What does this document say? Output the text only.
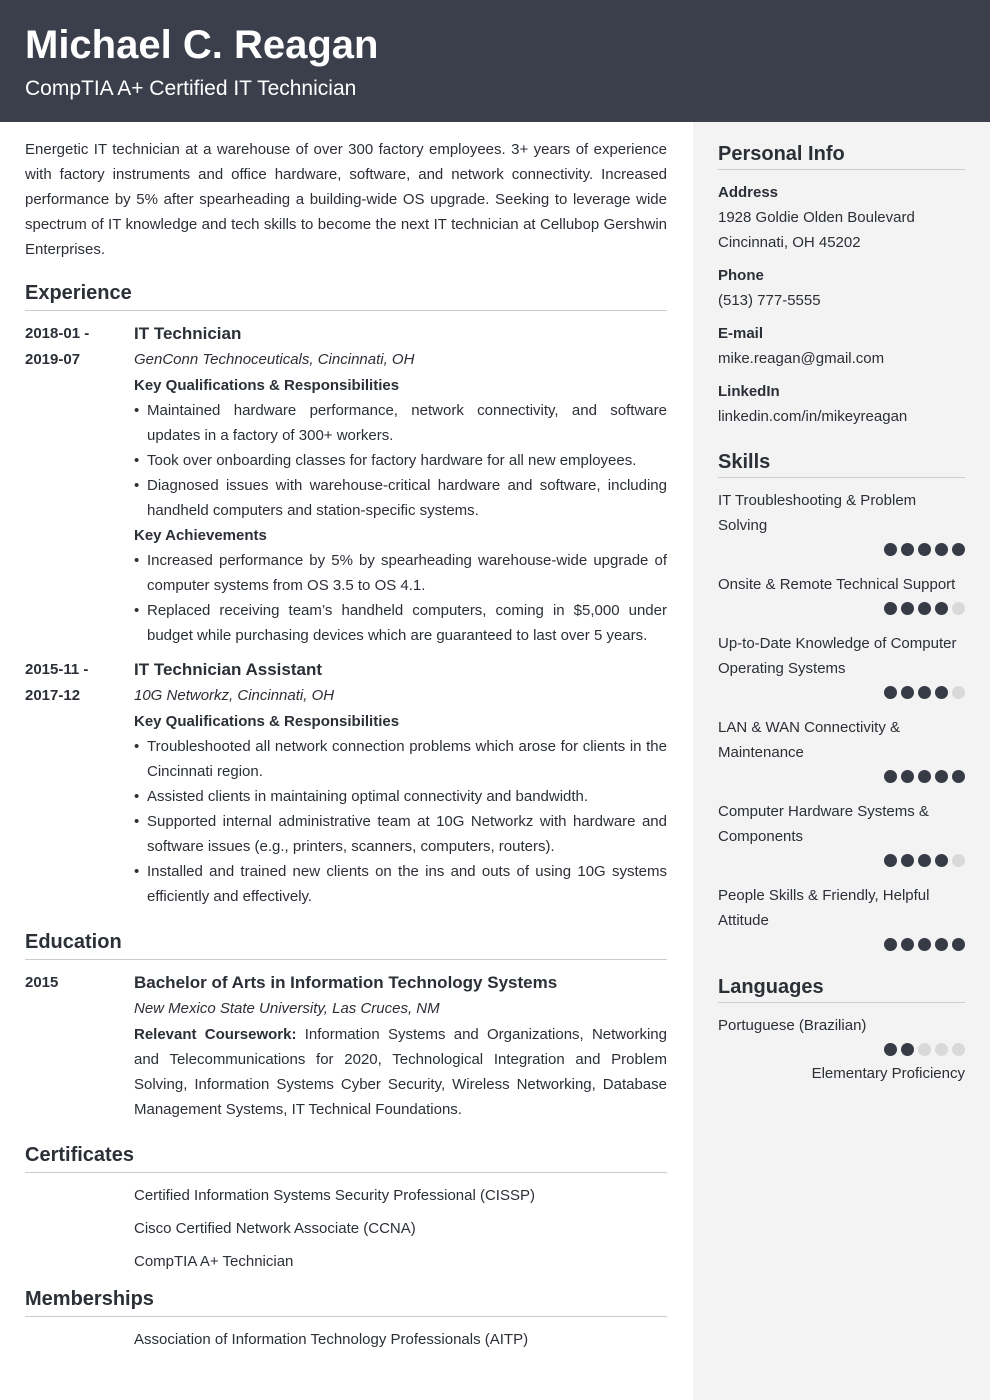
Michael C. Reagan
CompTIA A+ Certified IT Technician

Energetic IT technician at a warehouse of over 300 factory employees. 3+ years of experience with factory instruments and office hardware, software, and network connectivity. Increased performance by 5% after spearheading a building-wide OS upgrade. Seeking to leverage wide spectrum of IT knowledge and tech skills to become the next IT technician at Cellubop Gershwin Enterprises.

Experience
2018-01 -
2019-07
IT Technician
GenConn Technoceuticals, Cincinnati, OH
Key Qualifications & Responsibilities
• Maintained hardware performance, network connectivity, and software updates in a factory of 300+ workers.
• Took over onboarding classes for factory hardware for all new employees.
• Diagnosed issues with warehouse-critical hardware and software, including handheld computers and station-specific systems.
Key Achievements
• Increased performance by 5% by spearheading warehouse-wide upgrade of computer systems from OS 3.5 to OS 4.1.
• Replaced receiving team’s handheld computers, coming in $5,000 under budget while purchasing devices which are guaranteed to last over 5 years.
2015-11 -
2017-12
IT Technician Assistant
10G Networkz, Cincinnati, OH
Key Qualifications & Responsibilities
• Troubleshooted all network connection problems which arose for clients in the Cincinnati region.
• Assisted clients in maintaining optimal connectivity and bandwidth.
• Supported internal administrative team at 10G Networkz with hardware and software issues (e.g., printers, scanners, computers, routers).
• Installed and trained new clients on the ins and outs of using 10G systems efficiently and effectively.
Education
2015	Bachelor of Arts in Information Technology Systems
New Mexico State University, Las Cruces, NM
Relevant Coursework: Information Systems and Organizations, Networking and Telecommunications for 2020, Technological Integration and Problem Solving, Information Systems Cyber Security, Wireless Networking, Database Management Systems, IT Technical Foundations.
Certificates
Certified Information Systems Security Professional (CISSP)
Cisco Certified Network Associate (CCNA)
CompTIA A+ Technician
Memberships
Association of Information Technology Professionals (AITP)
Personal Info
Address
1928 Goldie Olden Boulevard
Cincinnati, OH 45202
Phone
(513) 777-5555
E-mail
mike.reagan@gmail.com
LinkedIn
linkedin.com/in/mikeyreagan
Skills
IT Troubleshooting & Problem Solving
Onsite & Remote Technical Support
Up-to-Date Knowledge of Computer Operating Systems
LAN & WAN Connectivity & Maintenance
Computer Hardware Systems & Components
People Skills & Friendly, Helpful Attitude
Languages
Portuguese (Brazilian)
Elementary Proficiency
